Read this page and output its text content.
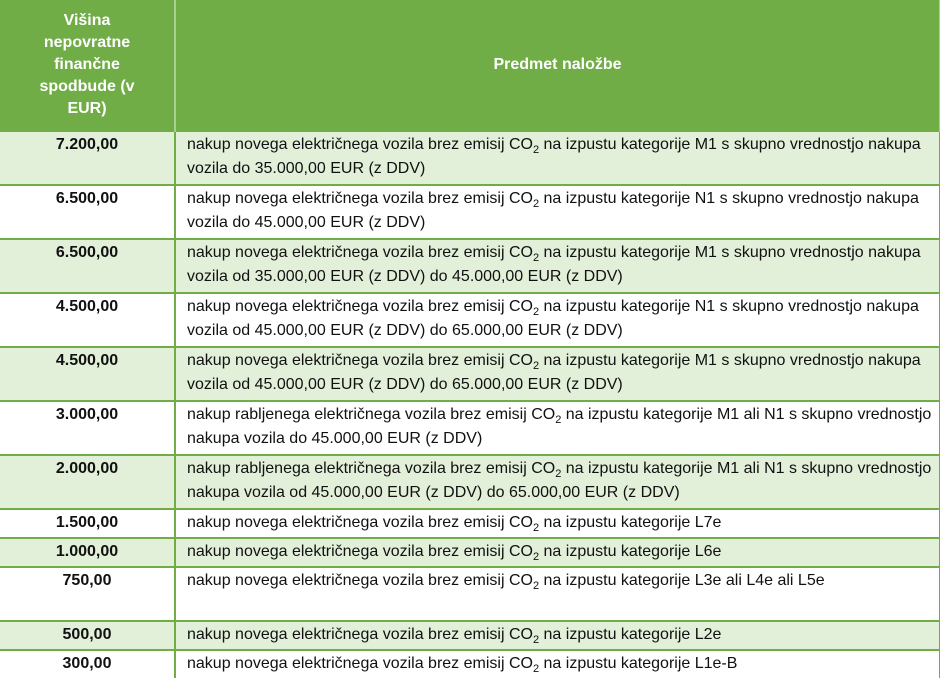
Višina nepovratne finančne spodbude (v EUR)	Predmet naložbe
7.200,00	nakup novega električnega vozila brez emisij $CO_2$ na izpustu kategorije M1 s skupno vrednostjo nakupa vozila do 35.000,00 EUR (z DDV)
6.500,00	nakup novega električnega vozila brez emisij $CO_2$ na izpustu kategorije N1 s skupno vrednostjo nakupa vozila do 45.000,00 EUR (z DDV)
6.500,00	nakup novega električnega vozila brez emisij $CO_2$ na izpustu kategorije M1 s skupno vrednostjo nakupa vozila od 35.000,00 EUR (z DDV) do 45.000,00 EUR (z DDV)
4.500,00	nakup novega električnega vozila brez emisij $CO_2$ na izpustu kategorije N1 s skupno vrednostjo nakupa vozila od 45.000,00 EUR (z DDV) do 65.000,00 EUR (z DDV)
4.500,00	nakup novega električnega vozila brez emisij $CO_2$ na izpustu kategorije M1 s skupno vrednostjo nakupa vozila od 45.000,00 EUR (z DDV) do 65.000,00 EUR (z DDV)
3.000,00	nakup rabljenega električnega vozila brez emisij $CO_2$ na izpustu kategorije M1 ali N1 s skupno vrednostjo nakupa vozila do 45.000,00 EUR (z DDV)
2.000,00	nakup rabljenega električnega vozila brez emisij $CO_2$ na izpustu kategorije M1 ali N1 s skupno vrednostjo nakupa vozila od 45.000,00 EUR (z DDV) do 65.000,00 EUR (z DDV)
1.500,00	nakup novega električnega vozila brez emisij $CO_2$ na izpustu kategorije L7e
1.000,00	nakup novega električnega vozila brez emisij $CO_2$ na izpustu kategorije L6e
750,00	nakup novega električnega vozila brez emisij $CO_2$ na izpustu kategorije L3e ali L4e ali L5e
500,00	nakup novega električnega vozila brez emisij $CO_2$ na izpustu kategorije L2e
300,00	nakup novega električnega vozila brez emisij $CO_2$ na izpustu kategorije L1e-B
